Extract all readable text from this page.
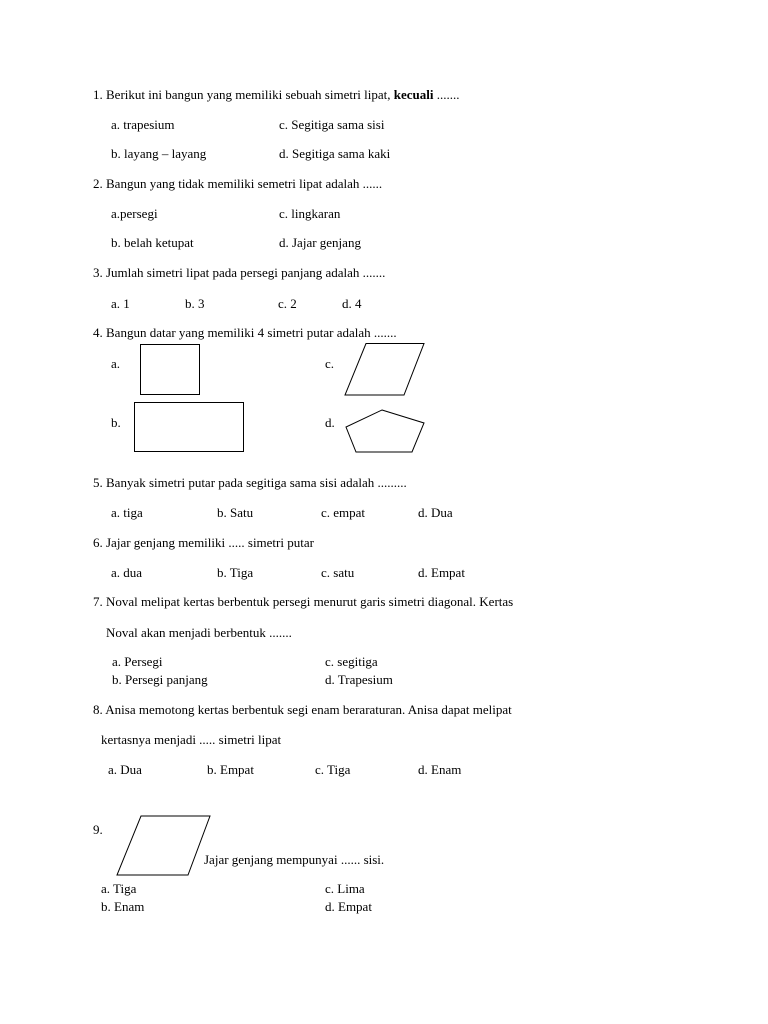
1. Berikut ini bangun yang memiliki sebuah simetri lipat, kecuali .......
a. trapesium	c. Segitiga sama sisi
b. layang – layang	d. Segitiga sama kaki
2. Bangun yang tidak memiliki semetri lipat adalah ......
a.persegi	c. lingkaran
b. belah ketupat	d. Jajar genjang
3. Jumlah simetri lipat pada persegi panjang adalah .......
a. 1	b. 3	c. 2	d. 4
4. Bangun datar yang memiliki 4 simetri putar adalah .......
a.	c.
b.	d.
5. Banyak simetri putar pada segitiga sama sisi adalah .........
a. tiga	b. Satu	c. empat	d. Dua
6. Jajar genjang memiliki ..... simetri putar
a. dua	b. Tiga	c. satu	d. Empat
7. Noval melipat kertas berbentuk persegi menurut garis simetri diagonal. Kertas
Noval akan menjadi berbentuk .......
a. Persegi	c. segitiga
b. Persegi panjang	d. Trapesium
8. Anisa memotong kertas berbentuk segi enam beraraturan. Anisa dapat melipat
kertasnya menjadi ..... simetri lipat
a. Dua	b. Empat	c. Tiga	d. Enam
9.
Jajar genjang mempunyai ...... sisi.
a. Tiga	c. Lima
b. Enam	d. Empat
